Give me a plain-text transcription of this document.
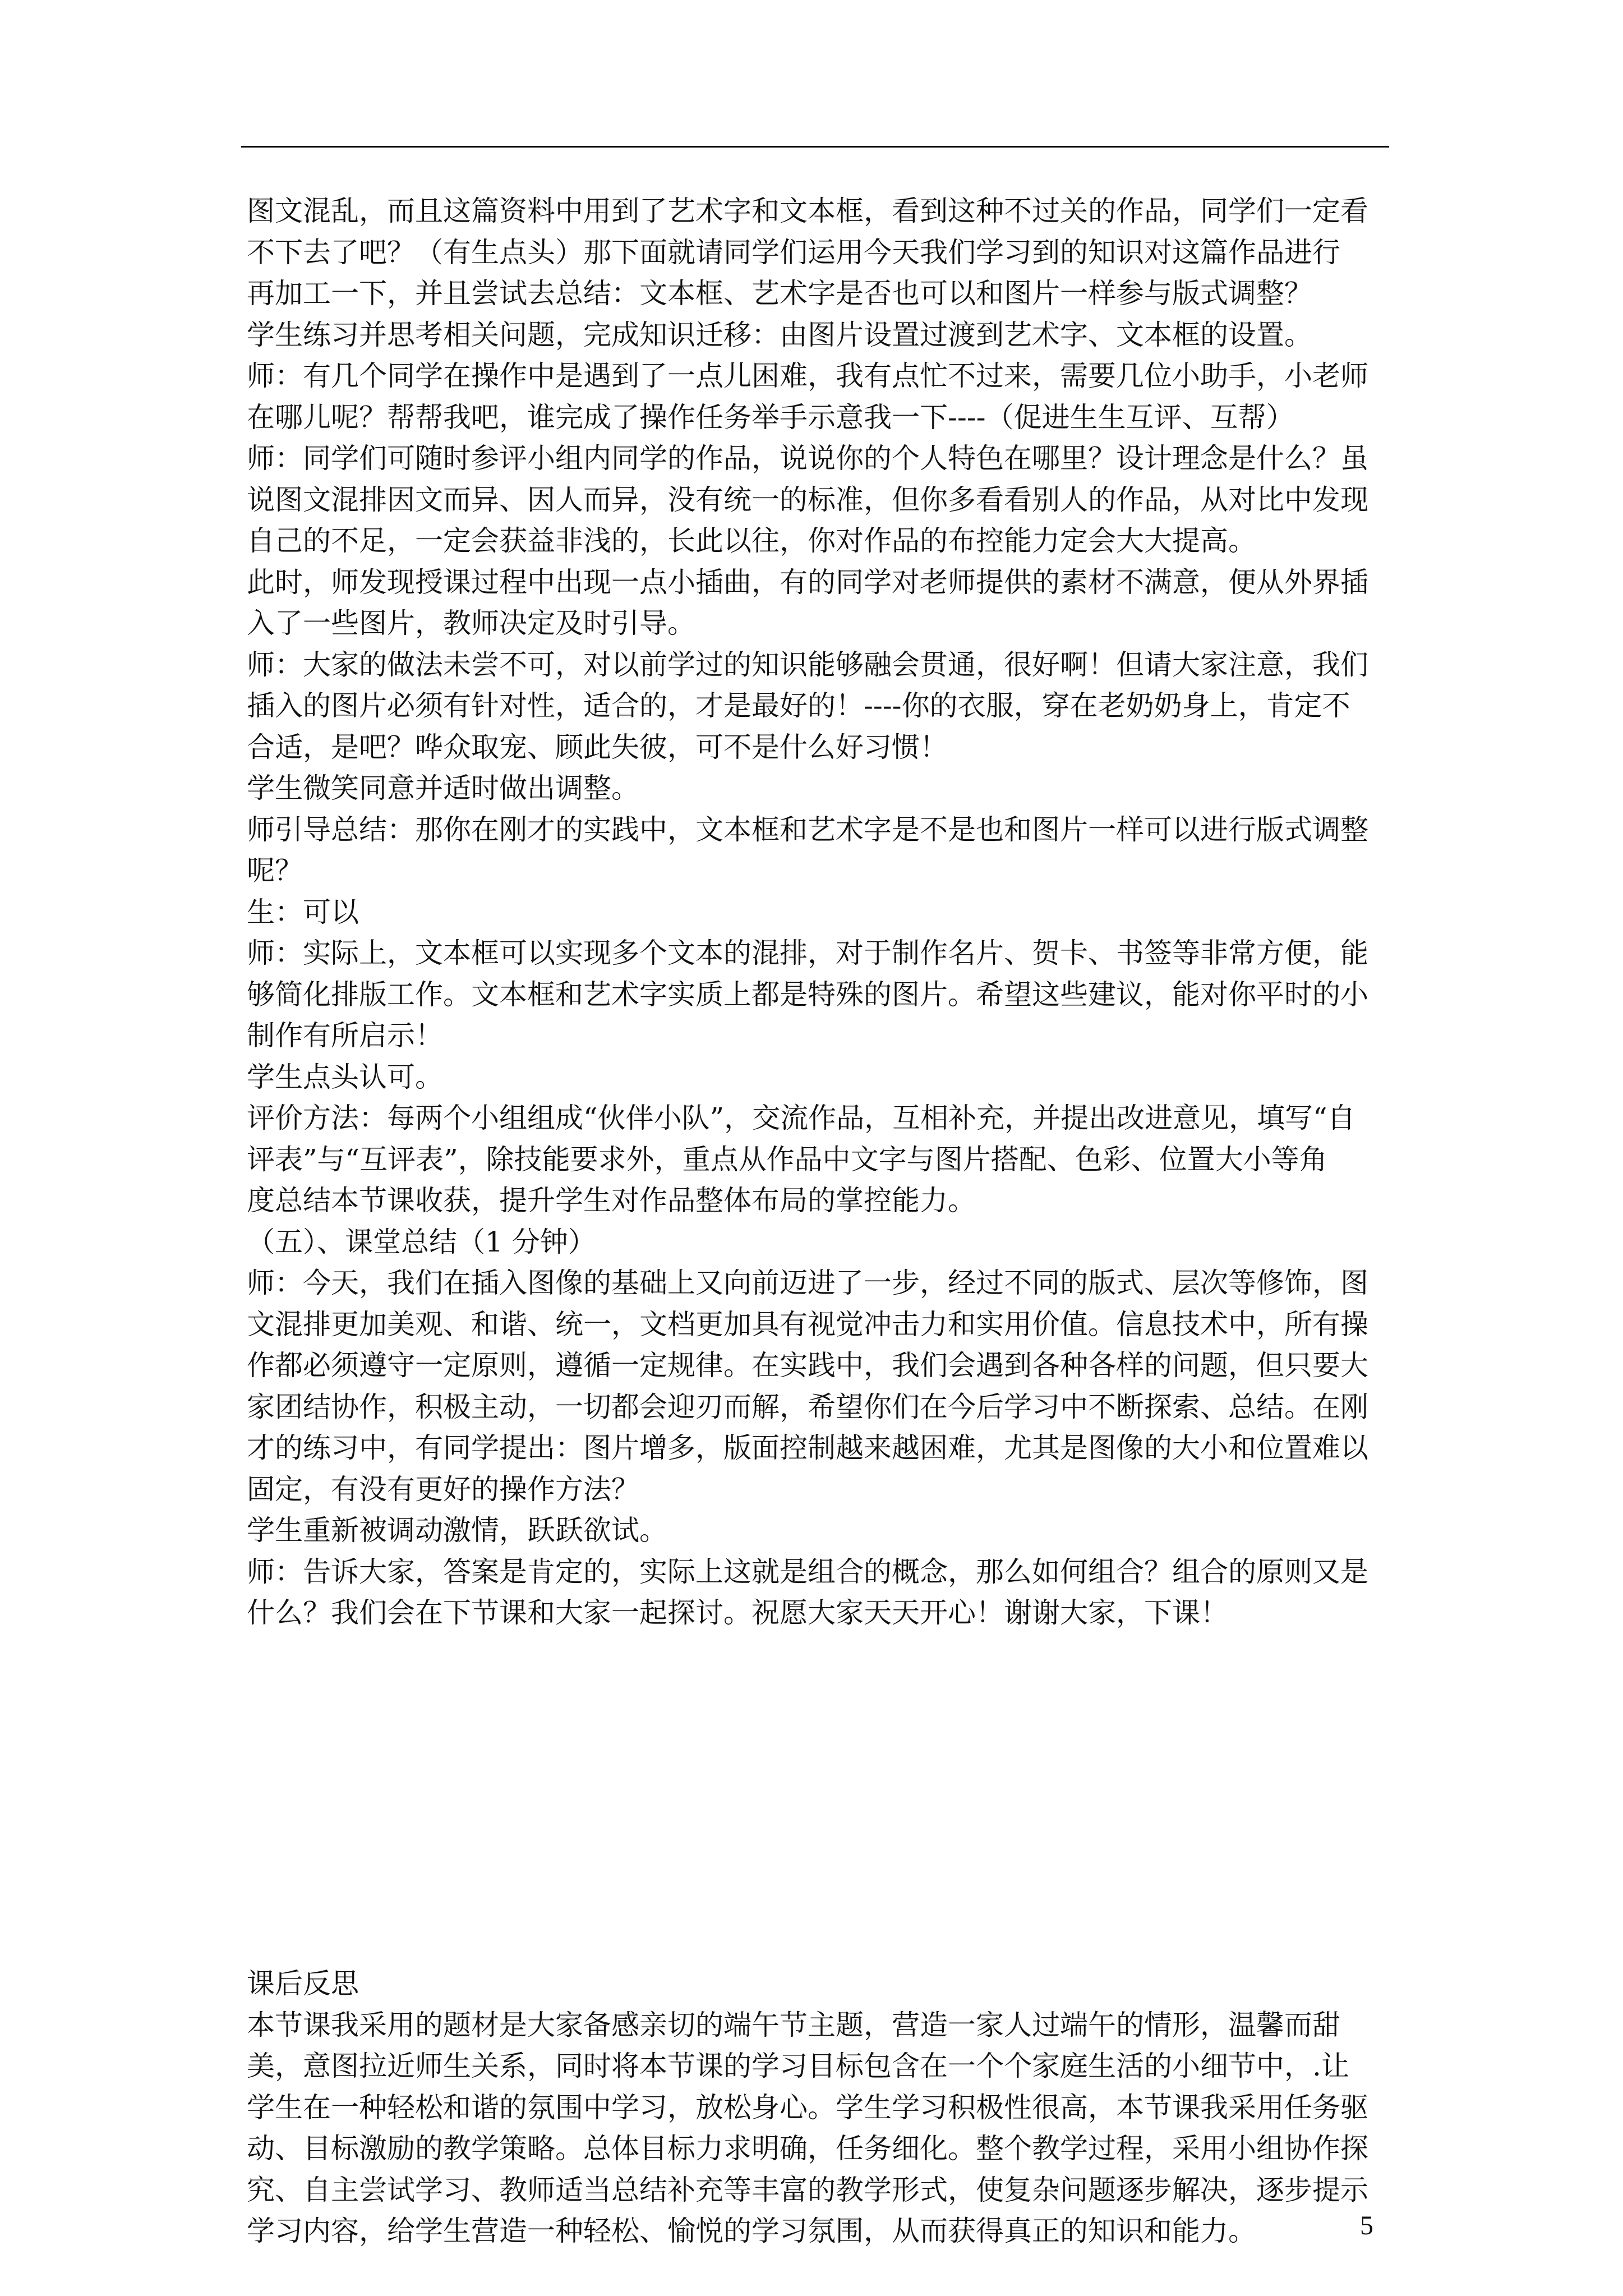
图文混乱，而且这篇资料中用到了艺术字和文本框，看到这种不过关的作品，同学们一定看
不下去了吧？（有生点头）那下面就请同学们运用今天我们学习到的知识对这篇作品进行
再加工一下，并且尝试去总结：文本框、艺术字是否也可以和图片一样参与版式调整？
学生练习并思考相关问题，完成知识迁移：由图片设置过渡到艺术字、文本框的设置。
师：有几个同学在操作中是遇到了一点儿困难，我有点忙不过来，需要几位小助手，小老师
在哪儿呢？帮帮我吧，谁完成了操作任务举手示意我一下----（促进生生互评、互帮）
师：同学们可随时参评小组内同学的作品，说说你的个人特色在哪里？设计理念是什么？虽
说图文混排因文而异、因人而异，没有统一的标准，但你多看看别人的作品，从对比中发现
自己的不足，一定会获益非浅的，长此以往，你对作品的布控能力定会大大提高。
此时，师发现授课过程中出现一点小插曲，有的同学对老师提供的素材不满意，便从外界插
入了一些图片，教师决定及时引导。
师：大家的做法未尝不可，对以前学过的知识能够融会贯通，很好啊！但请大家注意，我们
插入的图片必须有针对性，适合的，才是最好的！----你的衣服，穿在老奶奶身上，肯定不
合适，是吧？哗众取宠、顾此失彼，可不是什么好习惯！
学生微笑同意并适时做出调整。
师引导总结：那你在刚才的实践中，文本框和艺术字是不是也和图片一样可以进行版式调整
呢？
生：可以
师：实际上，文本框可以实现多个文本的混排，对于制作名片、贺卡、书签等非常方便，能
够简化排版工作。文本框和艺术字实质上都是特殊的图片。希望这些建议，能对你平时的小
制作有所启示！
学生点头认可。
评价方法：每两个小组组成“伙伴小队”，交流作品，互相补充，并提出改进意见，填写“自
评表”与“互评表”，除技能要求外，重点从作品中文字与图片搭配、色彩、位置大小等角
度总结本节课收获，提升学生对作品整体布局的掌控能力。
（五）、课堂总结（1 分钟）
师：今天，我们在插入图像的基础上又向前迈进了一步，经过不同的版式、层次等修饰，图
文混排更加美观、和谐、统一，文档更加具有视觉冲击力和实用价值。信息技术中，所有操
作都必须遵守一定原则，遵循一定规律。在实践中，我们会遇到各种各样的问题，但只要大
家团结协作，积极主动，一切都会迎刃而解，希望你们在今后学习中不断探索、总结。在刚
才的练习中，有同学提出：图片增多，版面控制越来越困难，尤其是图像的大小和位置难以
固定，有没有更好的操作方法？
学生重新被调动激情，跃跃欲试。
师：告诉大家，答案是肯定的，实际上这就是组合的概念，那么如何组合？组合的原则又是
什么？我们会在下节课和大家一起探讨。祝愿大家天天开心！谢谢大家，下课！
课后反思
本节课我采用的题材是大家备感亲切的端午节主题，营造一家人过端午的情形，温馨而甜
美，意图拉近师生关系，同时将本节课的学习目标包含在一个个家庭生活的小细节中，.让
学生在一种轻松和谐的氛围中学习，放松身心。学生学习积极性很高，本节课我采用任务驱
动、目标激励的教学策略。总体目标力求明确，任务细化。整个教学过程，采用小组协作探
究、自主尝试学习、教师适当总结补充等丰富的教学形式，使复杂问题逐步解决，逐步提示
学习内容，给学生营造一种轻松、愉悦的学习氛围，从而获得真正的知识和能力。	5
